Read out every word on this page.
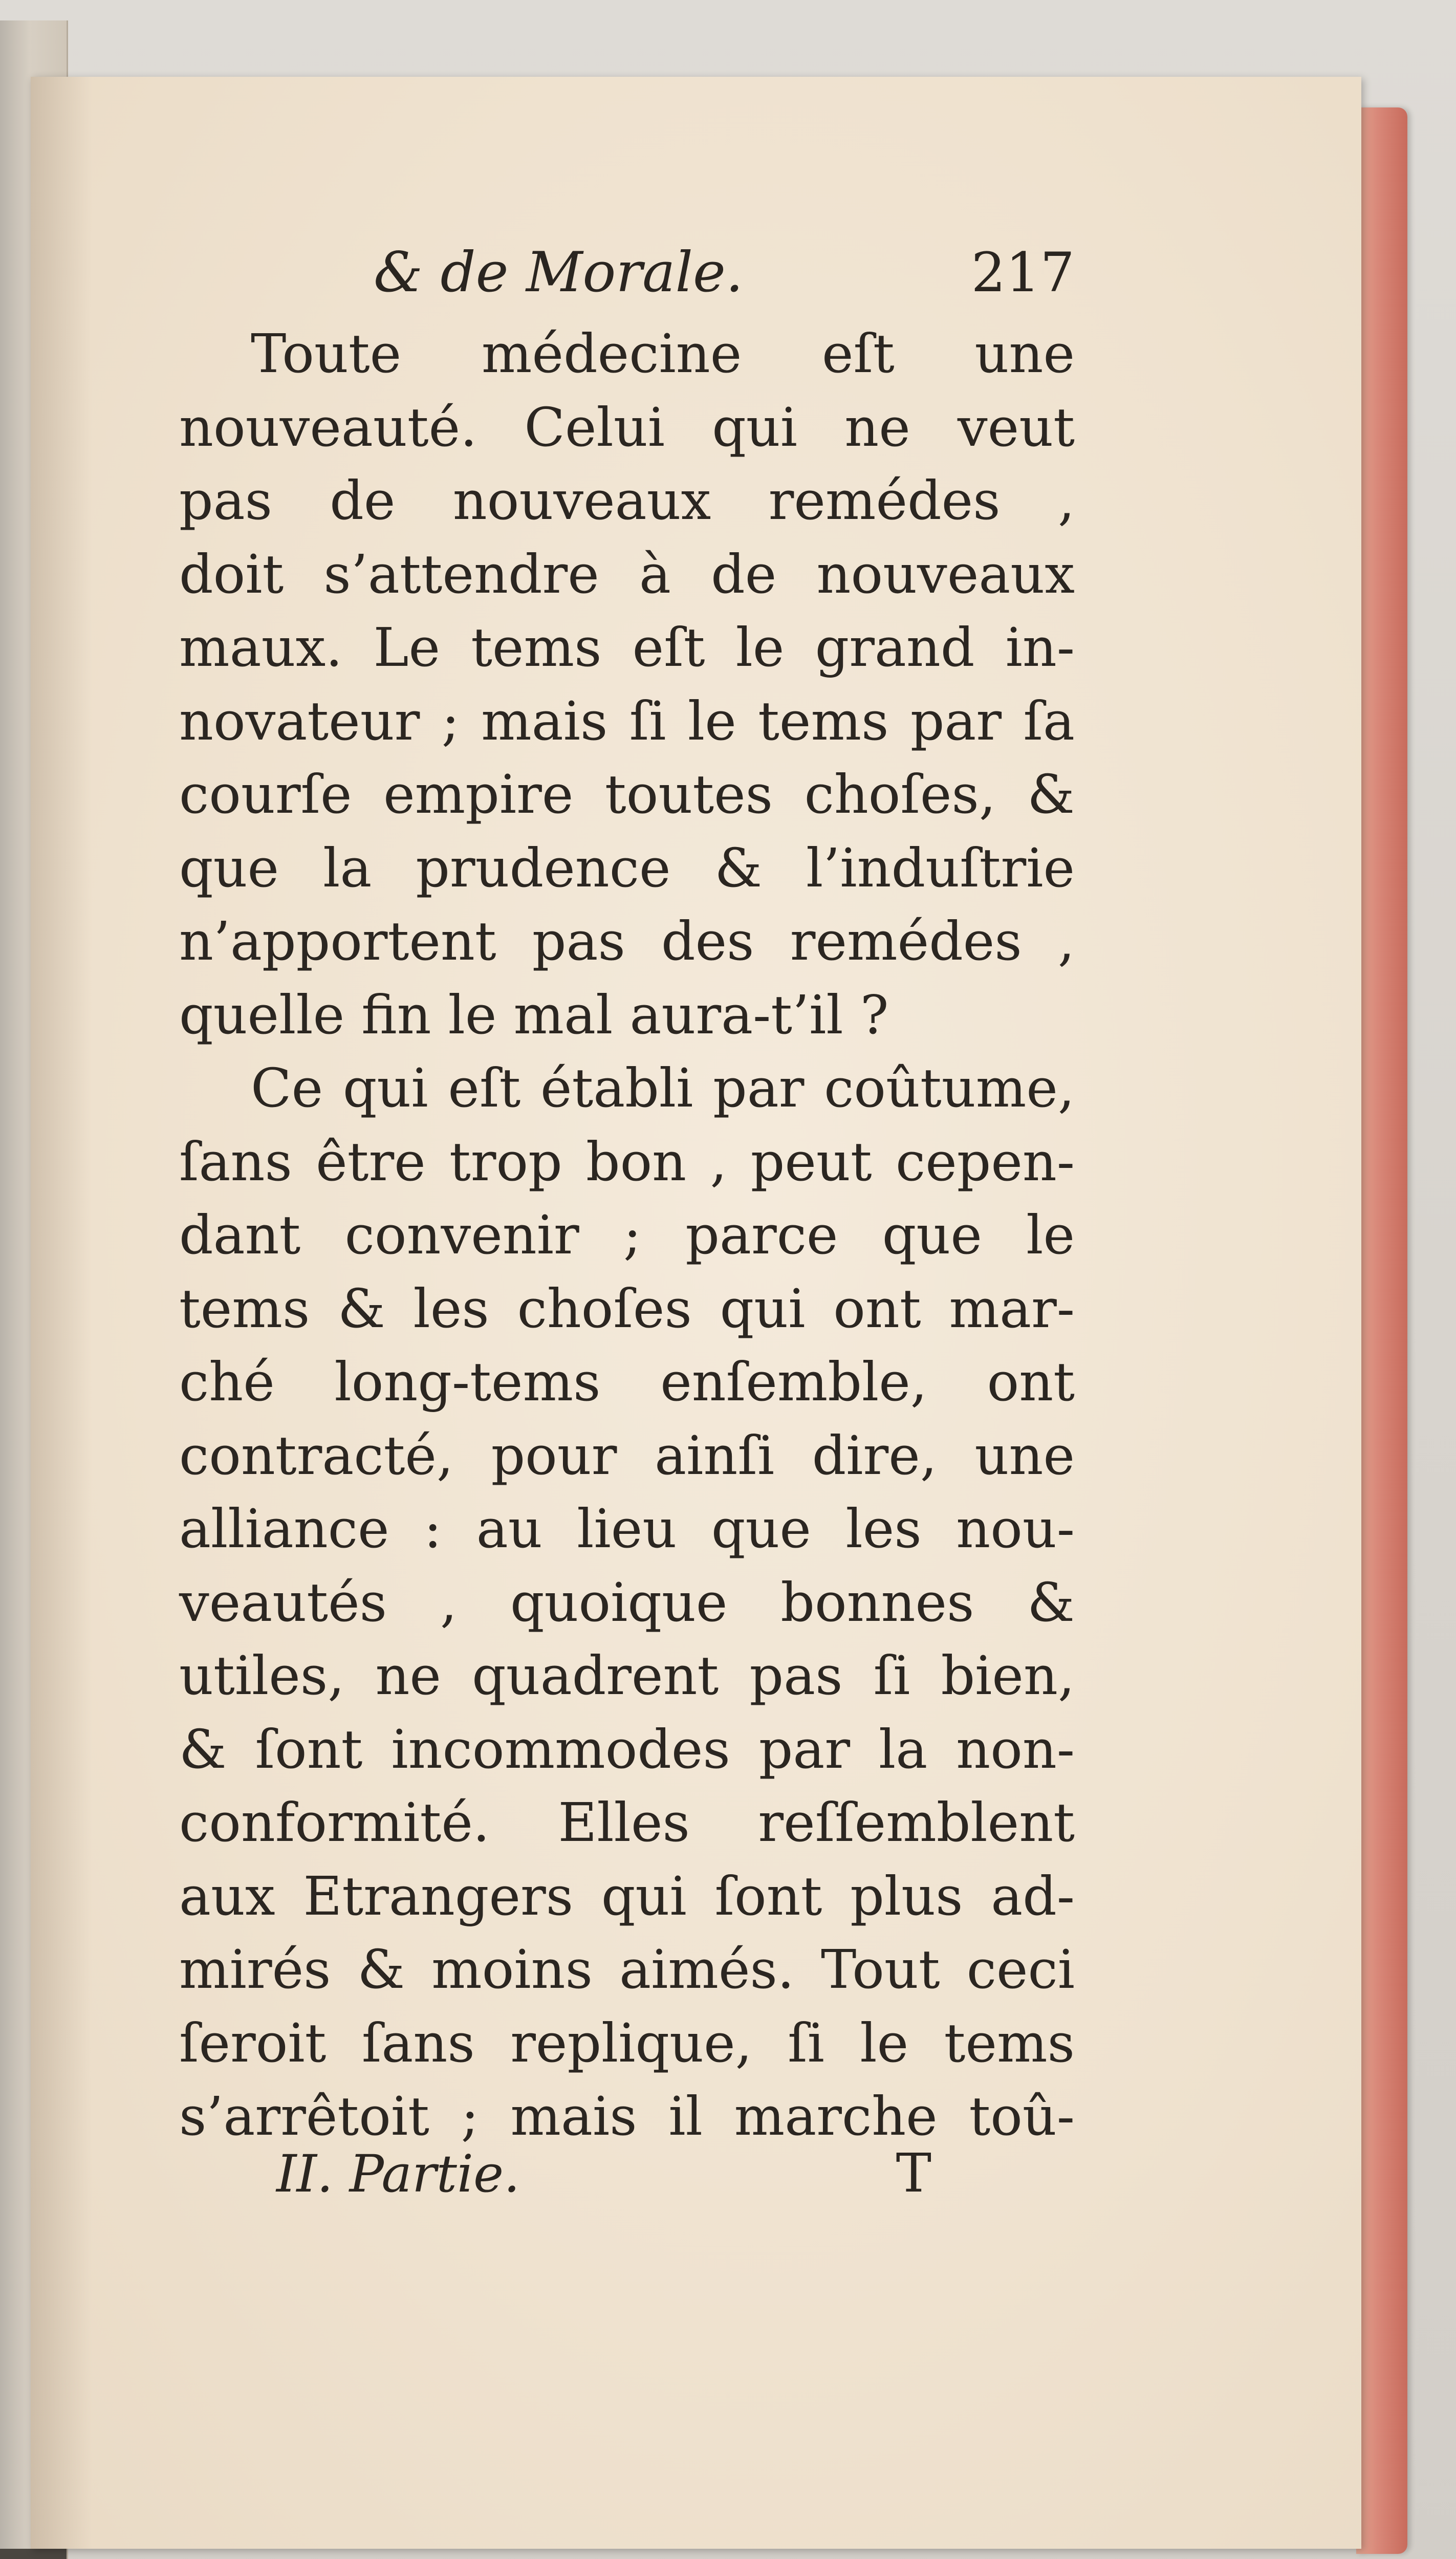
& de Morale.	217
Toute médecine eſt une
nouveauté. Celui qui ne veut
pas de nouveaux remédes ,
doit s’attendre à de nouveaux
maux. Le tems eſt le grand in-
novateur ; mais ſi le tems par ſa
courſe empire toutes choſes, &
que la prudence & l’induſtrie
n’apportent pas des remédes ,
quelle fin le mal aura-t’il ?
Ce qui eſt établi par coûtume,
ſans être trop bon , peut cepen-
dant convenir ; parce que le
tems & les choſes qui ont mar-
ché long-tems enſemble, ont
contracté, pour ainſi dire, une
alliance : au lieu que les nou-
veautés , quoique bonnes &
utiles, ne quadrent pas ſi bien,
& ſont incommodes par la non-
conformité. Elles reſſemblent
aux Etrangers qui ſont plus ad-
mirés & moins aimés. Tout ceci
ſeroit ſans replique, ſi le tems
s’arrêtoit ; mais il marche toû-
II. Partie.	T
